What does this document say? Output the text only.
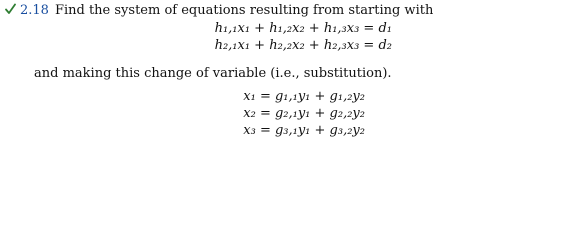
2.18 Find the system of equations resulting from starting with
h₁,₁x₁ + h₁,₂x₂ + h₁,₃x₃ = d₁
h₂,₁x₁ + h₂,₂x₂ + h₂,₃x₃ = d₂
and making this change of variable (i.e., substitution).
x₁ = g₁,₁y₁ + g₁,₂y₂
x₂ = g₂,₁y₁ + g₂,₂y₂
x₃ = g₃,₁y₁ + g₃,₂y₂
